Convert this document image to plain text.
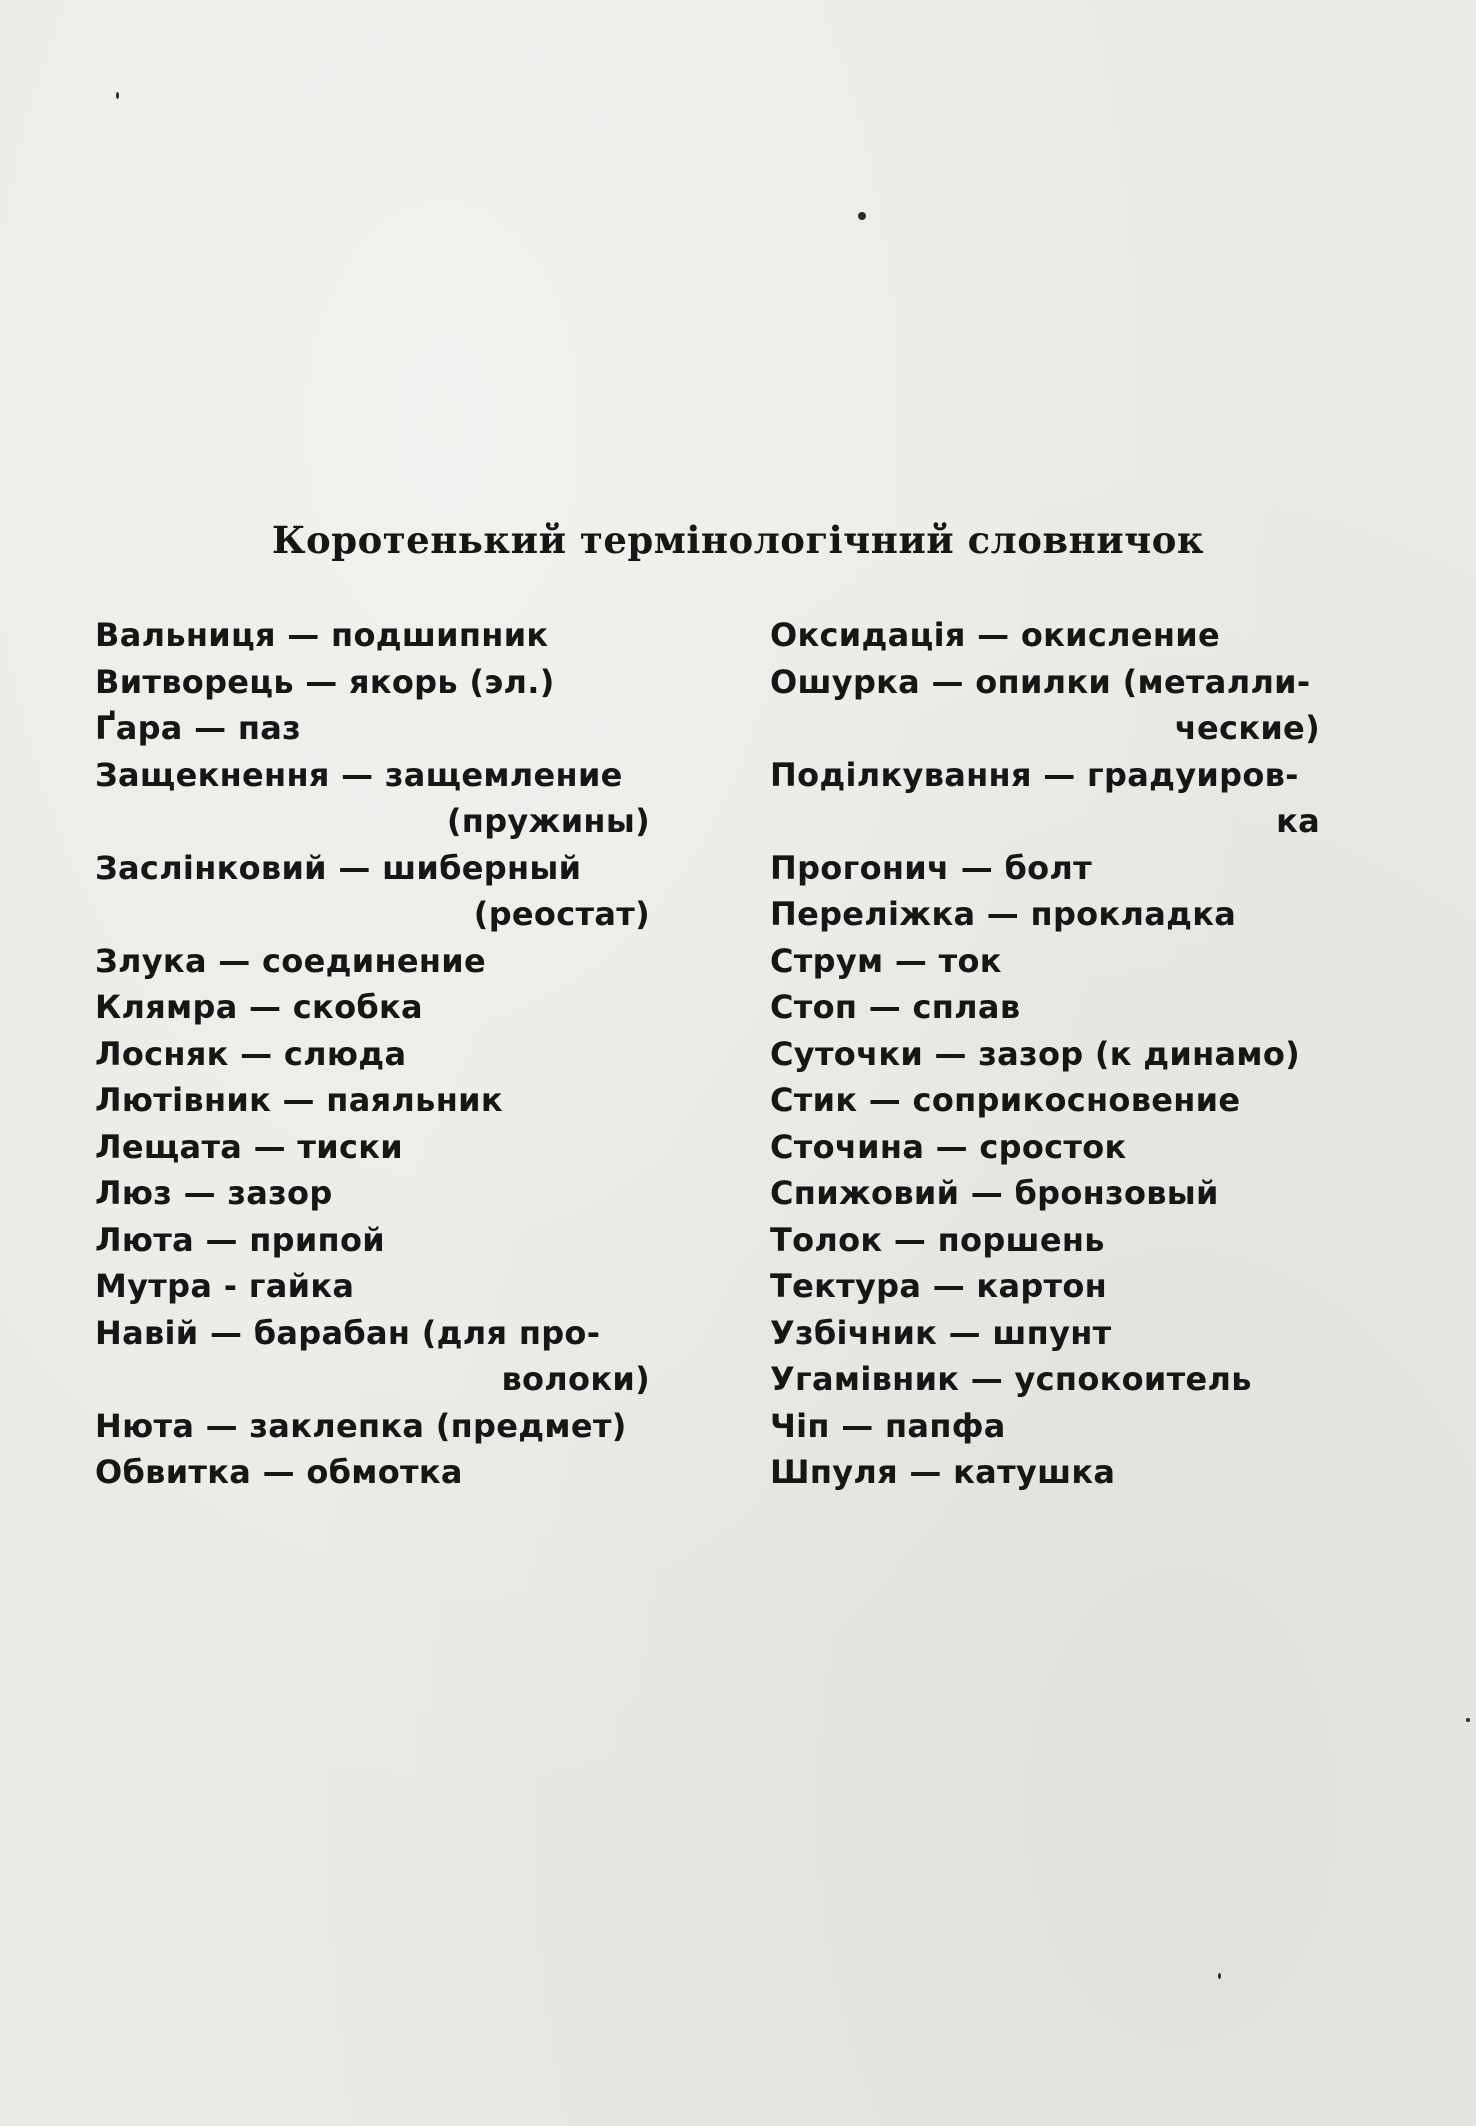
Коротенький термінологічний словничок
Вальниця — подшипник
Витворець — якорь (эл.)
Ґара — паз
Защекнення — защемление
(пружины)
Заслінковий — шиберный
(реостат)
Злука — соединение
Клямра — скобка
Лосняк — слюда
Лютівник — паяльник
Лещата — тиски
Люз — зазор
Люта — припой
Мутра - гайка
Навій — барабан (для про-
волоки)
Нюта — заклепка (предмет)
Обвитка — обмотка
Оксидація — окисление
Ошурка — опилки (металли-
ческие)
Поділкування — градуиров-
ка
Прогонич — болт
Переліжка — прокладка
Струм — ток
Стоп — сплав
Суточки — зазор (к динамо)
Стик — соприкосновение
Сточина — сросток
Спижовий — бронзовый
Толок — поршень
Тектура — картон
Узбічник — шпунт
Угамівник — успокоитель
Чіп — папфа
Шпуля — катушка
